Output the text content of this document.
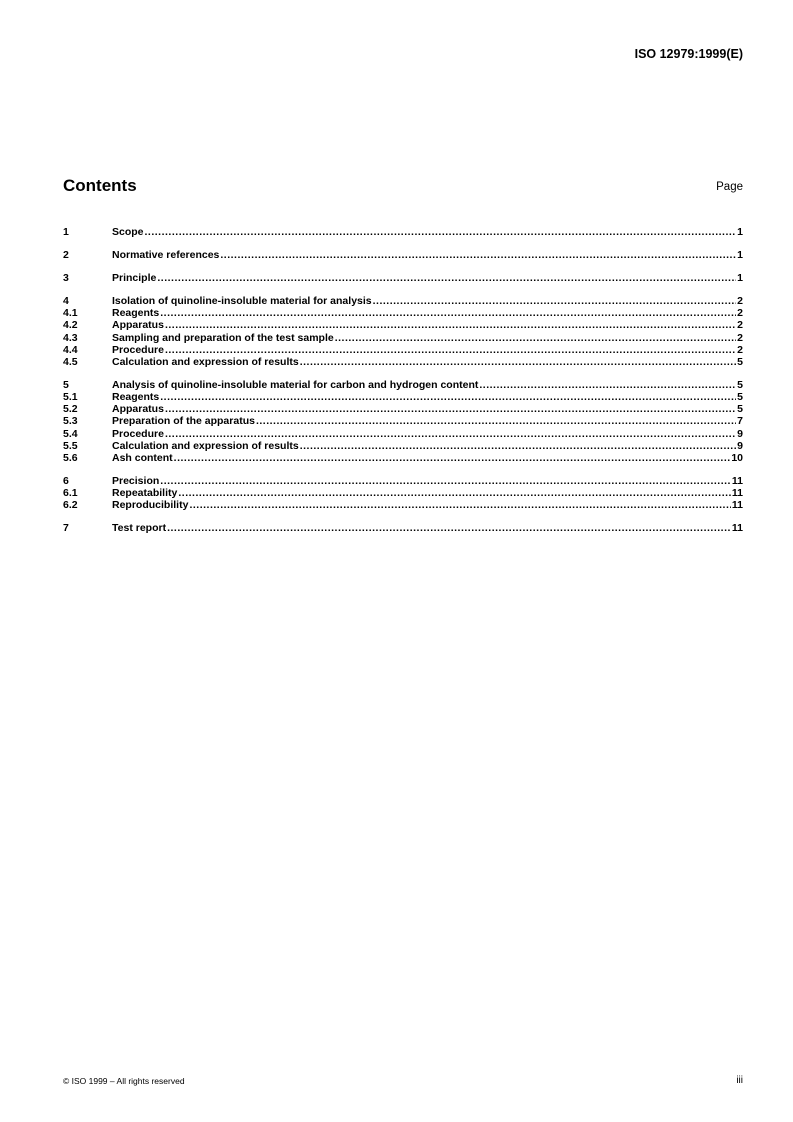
ISO 12979:1999(E)
Contents	Page
1	Scope .....	1
2	Normative references .....	1
3	Principle .....	1
4	Isolation of quinoline-insoluble material for analysis .....	2
4.1	Reagents .....	2
4.2	Apparatus .....	2
4.3	Sampling and preparation of the test sample .....	2
4.4	Procedure .....	2
4.5	Calculation and expression of results .....	5
5	Analysis of quinoline-insoluble material for carbon and hydrogen content .....	5
5.1	Reagents .....	5
5.2	Apparatus .....	5
5.3	Preparation of the apparatus .....	7
5.4	Procedure .....	9
5.5	Calculation and expression of results .....	9
5.6	Ash content .....	10
6	Precision .....	11
6.1	Repeatability .....	11
6.2	Reproducibility .....	11
7	Test report .....	11
© ISO 1999 – All rights reserved	iii
